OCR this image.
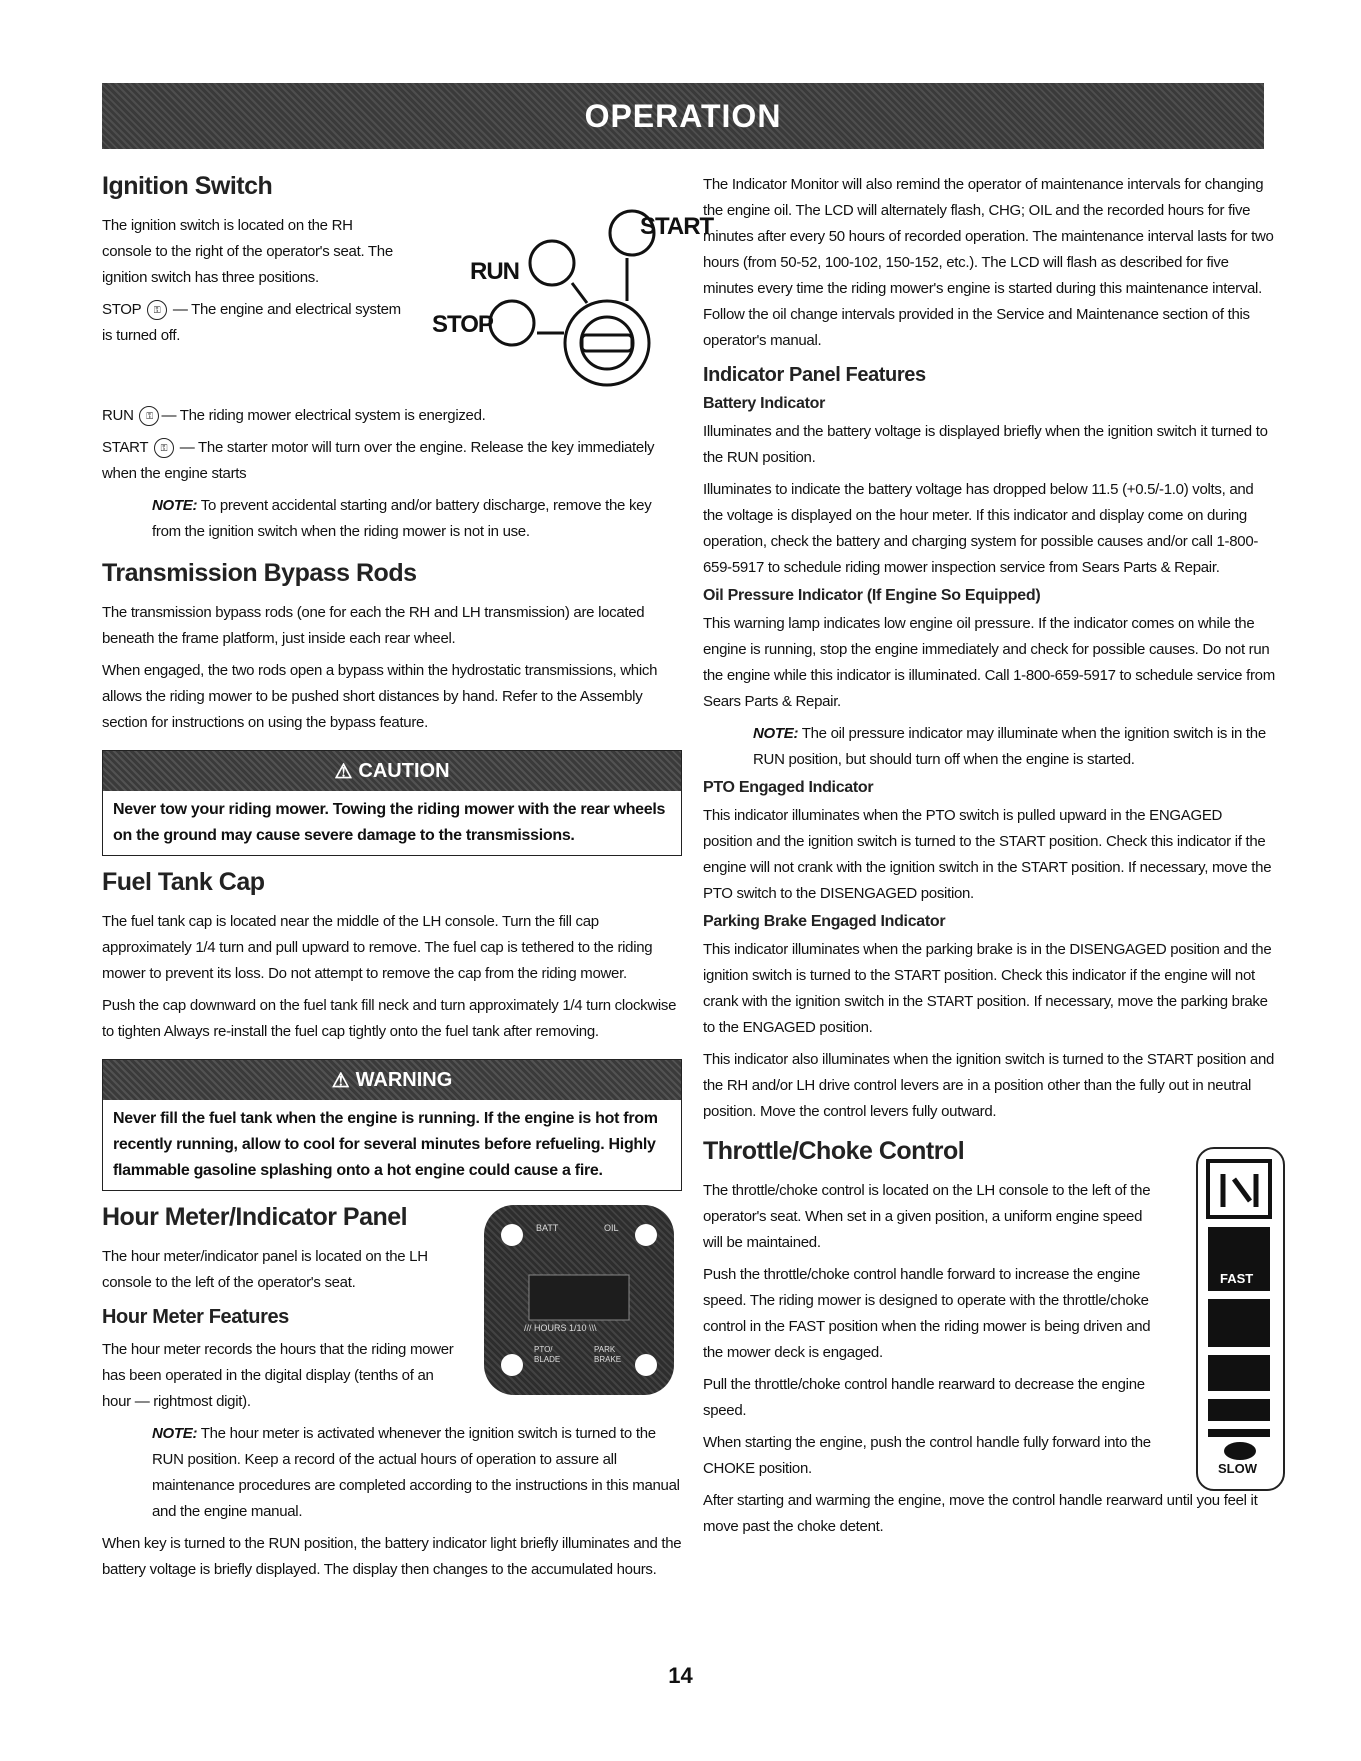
OPERATION
Ignition Switch

The ignition switch is located on the RH console to the right of the operator's seat. The ignition switch has three positions.

STOP ⚿ — The engine and electrical system is turned off.

RUN
START
STOP

RUN ⚿ — The riding mower electrical system is energized.

START ⚿ — The starter motor will turn over the engine. Release the key immediately when the engine starts

NOTE: To prevent accidental starting and/or battery discharge, remove the key from the ignition switch when the riding mower is not in use.

Transmission Bypass Rods

The transmission bypass rods (one for each the RH and LH transmission) are located beneath the frame platform, just inside each rear wheel.

When engaged, the two rods open a bypass within the hydrostatic transmissions, which allows the riding mower to be pushed short distances by hand. Refer to the Assembly section for instructions on using the bypass feature.

⚠ CAUTION
Never tow your riding mower. Towing the riding mower with the rear wheels on the ground may cause severe damage to the transmissions.
Fuel Tank Cap

The fuel tank cap is located near the middle of the LH console. Turn the fill cap approximately 1/4 turn and pull upward to remove. The fuel cap is tethered to the riding mower to prevent its loss. Do not attempt to remove the cap from the riding mower.

Push the cap downward on the fuel tank fill neck and turn approximately 1/4 turn clockwise to tighten Always re-install the fuel cap tightly onto the fuel tank after removing.

⚠ WARNING
Never fill the fuel tank when the engine is running. If the engine is hot from recently running, allow to cool for several minutes before refueling. Highly flammable gasoline splashing onto a hot engine could cause a fire.
Hour Meter/Indicator Panel	BATT	OIL
/// HOURS 1/10 \\\
PTO/ BLADE
PARK BRAKE

The hour meter/indicator panel is located on the LH console to the left of the operator's seat.

Hour Meter Features

The hour meter records the hours that the riding mower has been operated in the digital display (tenths of an hour — rightmost digit).

NOTE: The hour meter is activated whenever the ignition switch is turned to the RUN position. Keep a record of the actual hours of operation to assure all maintenance procedures are completed according to the instructions in this manual and the engine manual.

When key is turned to the RUN position, the battery indicator light briefly illuminates and the battery voltage is briefly displayed. The display then changes to the accumulated hours.

The Indicator Monitor will also remind the operator of maintenance intervals for changing the engine oil. The LCD will alternately flash, CHG; OIL and the recorded hours for five minutes after every 50 hours of recorded operation. The maintenance interval lasts for two hours (from 50-52, 100-102, 150-152, etc.). The LCD will flash as described for five minutes every time the riding mower's engine is started during this maintenance interval. Follow the oil change intervals provided in the Service and Maintenance section of this operator's manual.

Indicator Panel Features
Battery Indicator

Illuminates and the battery voltage is displayed briefly when the ignition switch it turned to the RUN position.

Illuminates to indicate the battery voltage has dropped below 11.5 (+0.5/-1.0) volts, and the voltage is displayed on the hour meter. If this indicator and display come on during operation, check the battery and charging system for possible causes and/or call 1-800-659-5917 to schedule riding mower inspection service from Sears Parts & Repair.

Oil Pressure Indicator (If Engine So Equipped)

This warning lamp indicates low engine oil pressure. If the indicator comes on while the engine is running, stop the engine immediately and check for possible causes. Do not run the engine while this indicator is illuminated. Call 1-800-659-5917 to schedule service from Sears Parts & Repair.

NOTE: The oil pressure indicator may illuminate when the ignition switch is in the RUN position, but should turn off when the engine is started.

PTO Engaged Indicator

This indicator illuminates when the PTO switch is pulled upward in the ENGAGED position and the ignition switch is turned to the START position. Check this indicator if the engine will not crank with the ignition switch in the START position. If necessary, move the PTO switch to the DISENGAGED position.

Parking Brake Engaged Indicator

This indicator illuminates when the parking brake is in the DISENGAGED position and the ignition switch is turned to the START position. Check this indicator if the engine will not crank with the ignition switch in the START position. If necessary, move the parking brake to the ENGAGED position.

This indicator also illuminates when the ignition switch is turned to the START position and the RH and/or LH drive control levers are in a position other than the fully out in neutral position. Move the control levers fully outward.

Throttle/Choke Control
FAST
SLOW

The throttle/choke control is located on the LH console to the left of the operator's seat. When set in a given position, a uniform engine speed will be maintained.

Push the throttle/choke control handle forward to increase the engine speed. The riding mower is designed to operate with the throttle/choke control in the FAST position when the riding mower is being driven and the mower deck is engaged.

Pull the throttle/choke control handle rearward to decrease the engine speed.

When starting the engine, push the control handle fully forward into the CHOKE position.

After starting and warming the engine, move the control handle rearward until you feel it move past the choke detent.

14
